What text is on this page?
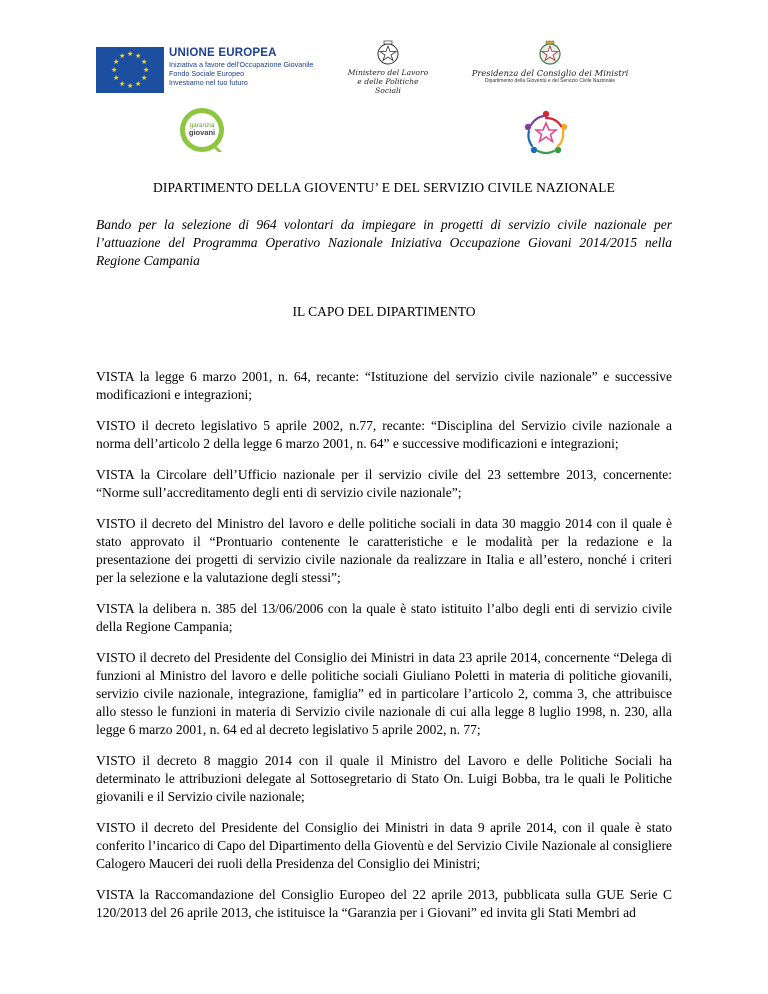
★ ★
★
★
★
★
★
★
★
★
★
★	UNIONE EUROPEA
Iniziativa a favore dell'Occupazione Giovanile
Fondo Sociale Europeo
Investiamo nel tuo futuro
Ministero del Lavoro
e delle Politiche Sociali
Presidenza del Consiglio dei Ministri
Dipartimento della Gioventù e del Servizio Civile Nazionale
garanzia
giovani
DIPARTIMENTO DELLA GIOVENTU’ E DEL SERVIZIO CIVILE NAZIONALE

Bando per la selezione di 964 volontari da impiegare in progetti di servizio civile nazionale per l’attuazione del Programma Operativo Nazionale Iniziativa Occupazione Giovani 2014/2015 nella Regione Campania

IL CAPO DEL DIPARTIMENTO

VISTA la legge 6 marzo 2001, n. 64, recante: “Istituzione del servizio civile nazionale” e successive modificazioni e integrazioni;

VISTO il decreto legislativo 5 aprile 2002, n.77, recante: “Disciplina del Servizio civile nazionale a norma dell’articolo 2 della legge 6 marzo 2001, n. 64” e successive modificazioni e integrazioni;

VISTA la Circolare dell’Ufficio nazionale per il servizio civile del 23 settembre 2013, concernente: “Norme sull’accreditamento degli enti di servizio civile nazionale”;

VISTO il decreto del Ministro del lavoro e delle politiche sociali in data 30 maggio 2014 con il quale è stato approvato il “Prontuario contenente le caratteristiche e le modalità per la redazione e la presentazione dei progetti di servizio civile nazionale da realizzare in Italia e all’estero, nonché i criteri per la selezione e la valutazione degli stessi”;

VISTA la delibera n. 385 del 13/06/2006 con la quale è stato istituito l’albo degli enti di servizio civile della Regione Campania;

VISTO il decreto del Presidente del Consiglio dei Ministri in data 23 aprile 2014, concernente “Delega di funzioni al Ministro del lavoro e delle politiche sociali Giuliano Poletti in materia di politiche giovanili, servizio civile nazionale, integrazione, famiglia” ed in particolare l’articolo 2, comma 3, che attribuisce allo stesso le funzioni in materia di Servizio civile nazionale di cui alla legge 8 luglio 1998, n. 230, alla legge 6 marzo 2001, n. 64 ed al decreto legislativo 5 aprile 2002, n. 77;

VISTO il decreto 8 maggio 2014 con il quale il Ministro del Lavoro e delle Politiche Sociali ha determinato le attribuzioni delegate al Sottosegretario di Stato On. Luigi Bobba, tra le quali le Politiche giovanili e il Servizio civile nazionale;

VISTO il decreto del Presidente del Consiglio dei Ministri in data 9 aprile 2014, con il quale è stato conferito l’incarico di Capo del Dipartimento della Gioventù e del Servizio Civile Nazionale al consigliere Calogero Mauceri dei ruoli della Presidenza del Consiglio dei Ministri;

VISTA la Raccomandazione del Consiglio Europeo del 22 aprile 2013, pubblicata sulla GUE Serie C 120/2013 del 26 aprile 2013, che istituisce la “Garanzia per i Giovani” ed invita gli Stati Membri ad
